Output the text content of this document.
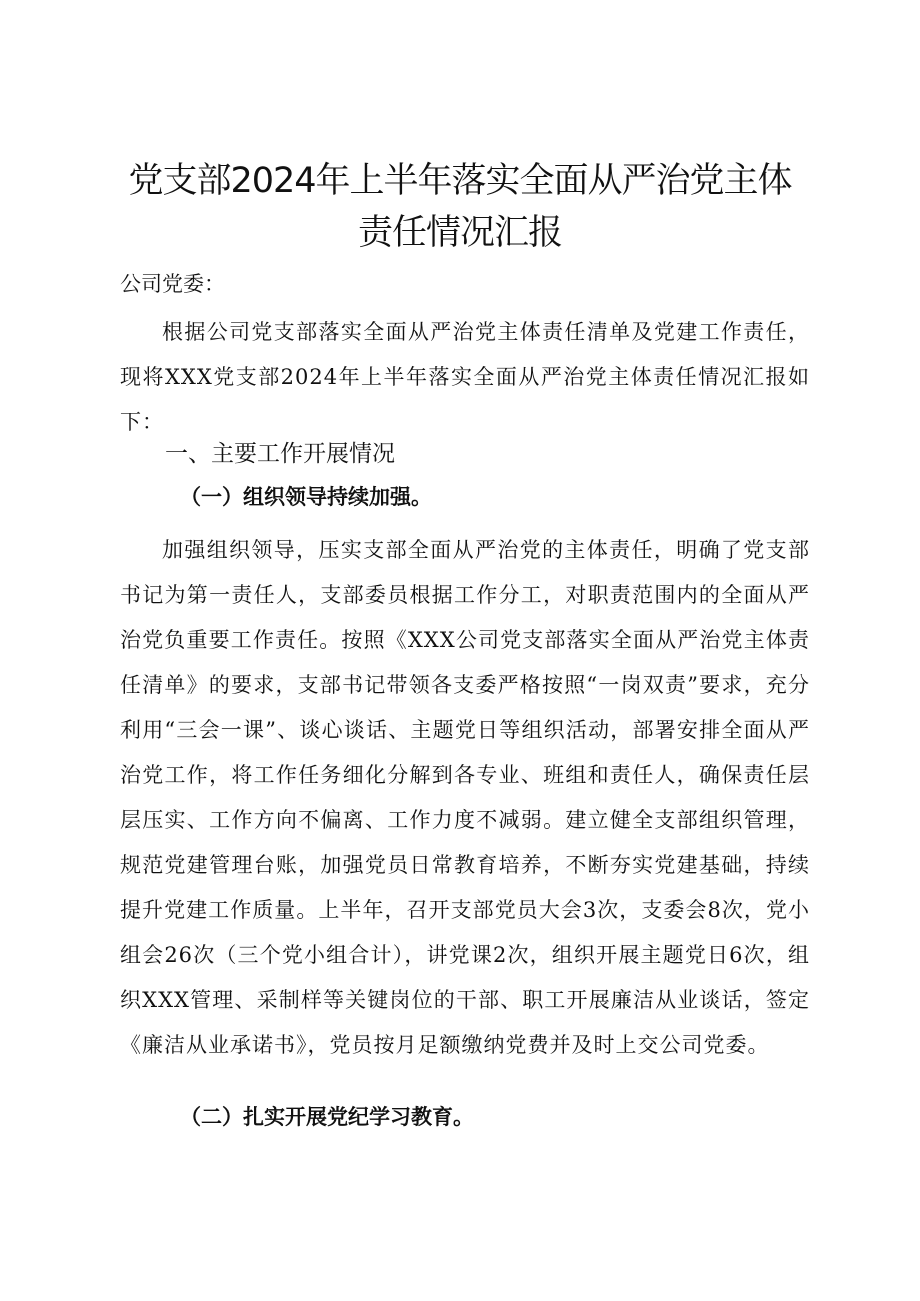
党支部2024年上半年落实全面从严治党主体
责任情况汇报
公司党委：
根据公司党支部落实全面从严治党主体责任清单及党建工作责任，现将XXX党支部2024年上半年落实全面从严治党主体责任情况汇报如下：
一、主要工作开展情况
（一）组织领导持续加强。
加强组织领导，压实支部全面从严治党的主体责任，明确了党支部书记为第一责任人，支部委员根据工作分工，对职责范围内的全面从严治党负重要工作责任。按照《XXX公司党支部落实全面从严治党主体责任清单》的要求，支部书记带领各支委严格按照“一岗双责”要求，充分利用“三会一课”、谈心谈话、主题党日等组织活动，部署安排全面从严治党工作，将工作任务细化分解到各专业、班组和责任人，确保责任层层压实、工作方向不偏离、工作力度不减弱。建立健全支部组织管理，规范党建管理台账，加强党员日常教育培养，不断夯实党建基础，持续提升党建工作质量。上半年，召开支部党员大会3次，支委会8次，党小组会26次（三个党小组合计），讲党课2次，组织开展主题党日6次，组织XXX管理、采制样等关键岗位的干部、职工开展廉洁从业谈话，签定《廉洁从业承诺书》，党员按月足额缴纳党费并及时上交公司党委。
（二）扎实开展党纪学习教育。
